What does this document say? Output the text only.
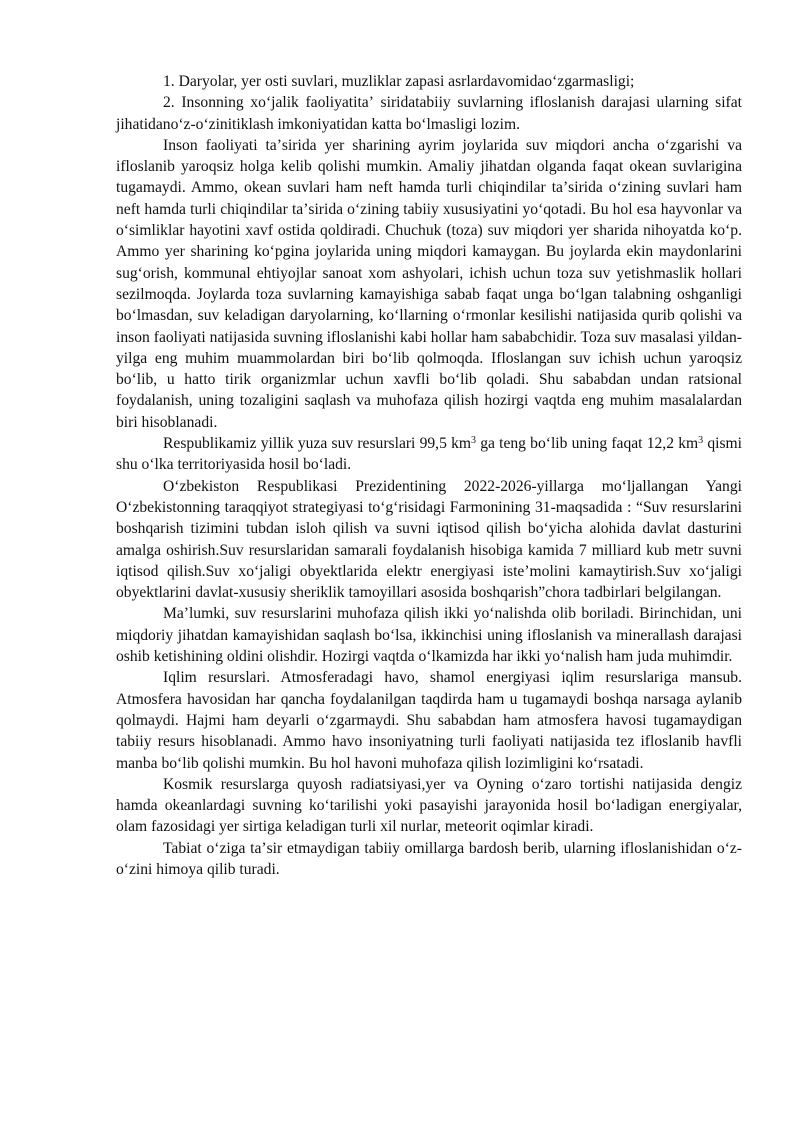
1. Daryolar, yer osti suvlari, muzliklar zapasi asrlardavomidaoʻzgarmasligi;

2. Insonning xoʻjalik faoliyatitaʼ siridatabiiy suvlarning ifloslanish darajasi ularning sifat jihatidanoʻz-oʻzinitiklash imkoniyatidan katta boʻlmasligi lozim.

Inson faoliyati taʼsirida yer sharining ayrim joylarida suv miqdori ancha oʻzgarishi va ifloslanib yaroqsiz holga kelib qolishi mumkin. Amaliy jihatdan olganda faqat okean suvlarigina tugamaydi. Ammo, okean suvlari ham neft hamda turli chiqindilar taʼsirida oʻzining suvlari ham neft hamda turli chiqindilar taʼsirida oʻzining tabiiy xususiyatini yoʻqotadi. Bu hol esa hayvonlar va oʻsimliklar hayotini xavf ostida qoldiradi. Chuchuk (toza) suv miqdori yer sharida nihoyatda koʻp. Ammo yer sharining koʻpgina joylarida uning miqdori kamaygan. Bu joylarda ekin maydonlarini sugʻorish, kommunal ehtiyojlar sanoat xom ashyolari, ichish uchun toza suv yetishmaslik hollari sezilmoqda. Joylarda toza suvlarning kamayishiga sabab faqat unga boʻlgan talabning oshganligi boʻlmasdan, suv keladigan daryolarning, koʻllarning oʻrmonlar kesilishi natijasida qurib qolishi va inson faoliyati natijasida suvning ifloslanishi kabi hollar ham sababchidir. Toza suv masalasi yildan-yilga eng muhim muammolardan biri boʻlib qolmoqda. Ifloslangan suv ichish uchun yaroqsiz boʻlib, u hatto tirik organizmlar uchun xavfli boʻlib qoladi. Shu sababdan undan ratsional foydalanish, uning tozaligini saqlash va muhofaza qilish hozirgi vaqtda eng muhim masalalardan biri hisoblanadi.

Respublikamiz yillik yuza suv resurslari 99,5 $km^3$ ga teng boʻlib uning faqat 12,2 $km^3$ qismi shu oʻlka territoriyasida hosil boʻladi.

Oʻzbekiston Respublikasi Prezidentining 2022-2026-yillarga moʻljallangan Yangi Oʻzbekistonning taraqqiyot strategiyasi toʻgʻrisidagi Farmonining 31-maqsadida : “Suv resurslarini boshqarish tizimini tubdan isloh qilish va suvni iqtisod qilish boʻyicha alohida davlat dasturini amalga oshirish.Suv resurslaridan samarali foydalanish hisobiga kamida 7 milliard kub metr suvni iqtisod qilish.Suv xoʻjaligi obyektlarida elektr energiyasi isteʼmolini kamaytirish.Suv xoʻjaligi obyektlarini davlat-xususiy sheriklik tamoyillari asosida boshqarish”chora tadbirlari belgilangan.

Maʼlumki, suv resurslarini muhofaza qilish ikki yoʻnalishda olib boriladi. Birinchidan, uni miqdoriy jihatdan kamayishidan saqlash boʻlsa, ikkinchisi uning ifloslanish va minerallash darajasi oshib ketishining oldini olishdir. Hozirgi vaqtda oʻlkamizda har ikki yoʻnalish ham juda muhimdir.

Iqlim resurslari. Atmosferadagi havo, shamol energiyasi iqlim resurslariga mansub. Atmosfera havosidan har qancha foydalanilgan taqdirda ham u tugamaydi boshqa narsaga aylanib qolmaydi. Hajmi ham deyarli oʻzgarmaydi. Shu sababdan ham atmosfera havosi tugamaydigan tabiiy resurs hisoblanadi. Ammo havo insoniyatning turli faoliyati natijasida tez ifloslanib havfli manba boʻlib qolishi mumkin. Bu hol havoni muhofaza qilish lozimligini koʻrsatadi.

Kosmik resurslarga quyosh radiatsiyasi,yer va Oyning oʻzaro tortishi natijasida dengiz hamda okeanlardagi suvning koʻtarilishi yoki pasayishi jarayonida hosil boʻladigan energiyalar, olam fazosidagi yer sirtiga keladigan turli xil nurlar, meteorit oqimlar kiradi.

Tabiat oʻziga taʼsir etmaydigan tabiiy omillarga bardosh berib, ularning ifloslanishidan oʻz-oʻzini himoya qilib turadi.
